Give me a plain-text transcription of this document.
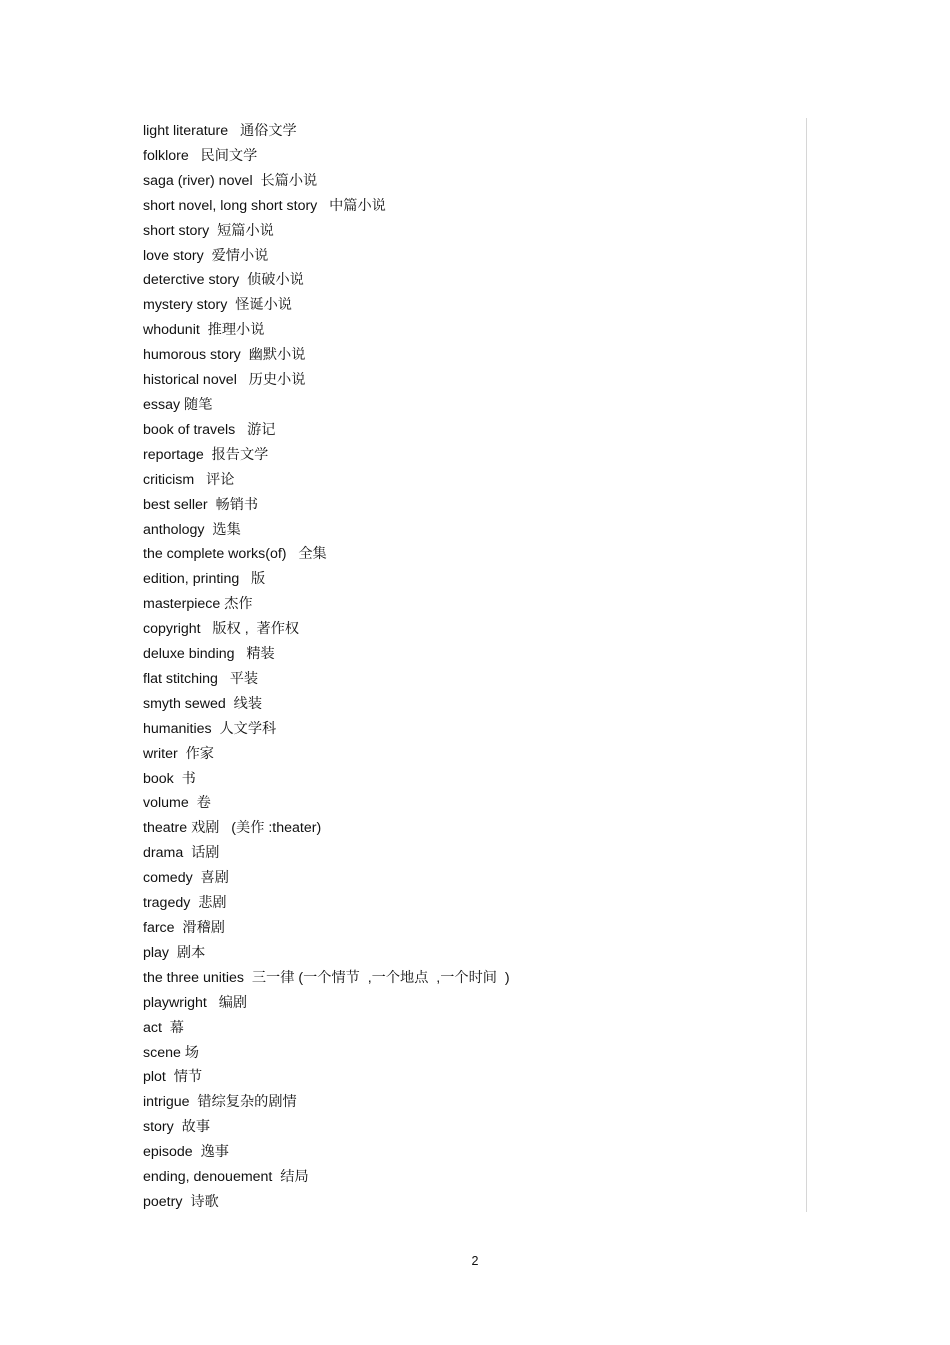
light literature   通俗文学
folklore   民间文学
saga (river) novel  长篇小说
short novel, long short story   中篇小说
short story  短篇小说
love story  爱情小说
deterctive story  侦破小说
mystery story  怪诞小说
whodunit  推理小说
humorous story  幽默小说
historical novel   历史小说
essay 随笔
book of travels   游记
reportage  报告文学
criticism   评论
best seller  畅销书
anthology  选集
the complete works(of)   全集
edition, printing   版
masterpiece 杰作
copyright   版权 ,  著作权
deluxe binding   精装
flat stitching   平装
smyth sewed  线装
humanities  人文学科
writer  作家
book  书
volume  卷
theatre 戏剧   (美作 :theater)
drama  话剧
comedy  喜剧
tragedy  悲剧
farce  滑稽剧
play  剧本
the three unities  三一律 (一个情节  ,一个地点  ,一个时间  )
playwright   编剧
act  幕
scene 场
plot  情节
intrigue  错综复杂的剧情
story  故事
episode  逸事
ending, denouement  结局
poetry  诗歌
2
